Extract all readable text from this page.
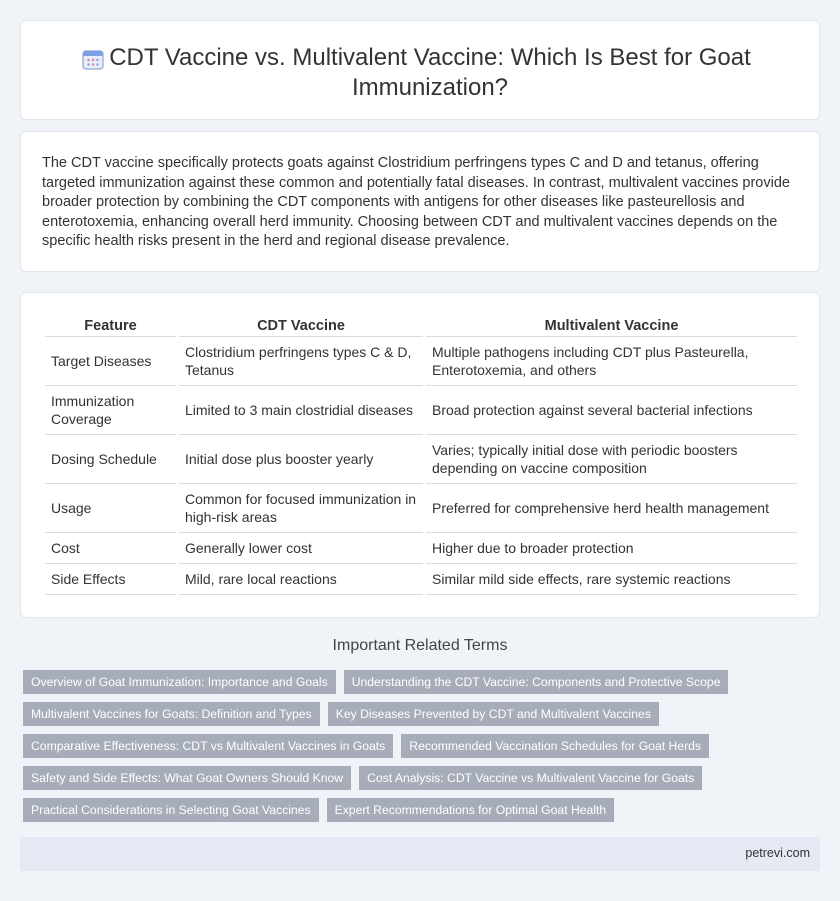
CDT Vaccine vs. Multivalent Vaccine: Which Is Best for Goat Immunization?

The CDT vaccine specifically protects goats against Clostridium perfringens types C and D and tetanus, offering targeted immunization against these common and potentially fatal diseases. In contrast, multivalent vaccines provide broader protection by combining the CDT components with antigens for other diseases like pasteurellosis and enterotoxemia, enhancing overall herd immunity. Choosing between CDT and multivalent vaccines depends on the specific health risks present in the herd and regional disease prevalence.

Feature	CDT Vaccine	Multivalent Vaccine
Target Diseases	Clostridium perfringens types C & D, Tetanus	Multiple pathogens including CDT plus Pasteurella, Enterotoxemia, and others
Immunization Coverage	Limited to 3 main clostridial diseases	Broad protection against several bacterial infections
Dosing Schedule	Initial dose plus booster yearly	Varies; typically initial dose with periodic boosters depending on vaccine composition
Usage	Common for focused immunization in high-risk areas	Preferred for comprehensive herd health management
Cost	Generally lower cost	Higher due to broader protection
Side Effects	Mild, rare local reactions	Similar mild side effects, rare systemic reactions
Important Related Terms
Overview of Goat Immunization: Importance and Goals	Understanding the CDT Vaccine: Components and Protective Scope
Multivalent Vaccines for Goats: Definition and Types	Key Diseases Prevented by CDT and Multivalent Vaccines
Comparative Effectiveness: CDT vs Multivalent Vaccines in Goats	Recommended Vaccination Schedules for Goat Herds
Safety and Side Effects: What Goat Owners Should Know	Cost Analysis: CDT Vaccine vs Multivalent Vaccine for Goats
Practical Considerations in Selecting Goat Vaccines	Expert Recommendations for Optimal Goat Health
petrevi.com
